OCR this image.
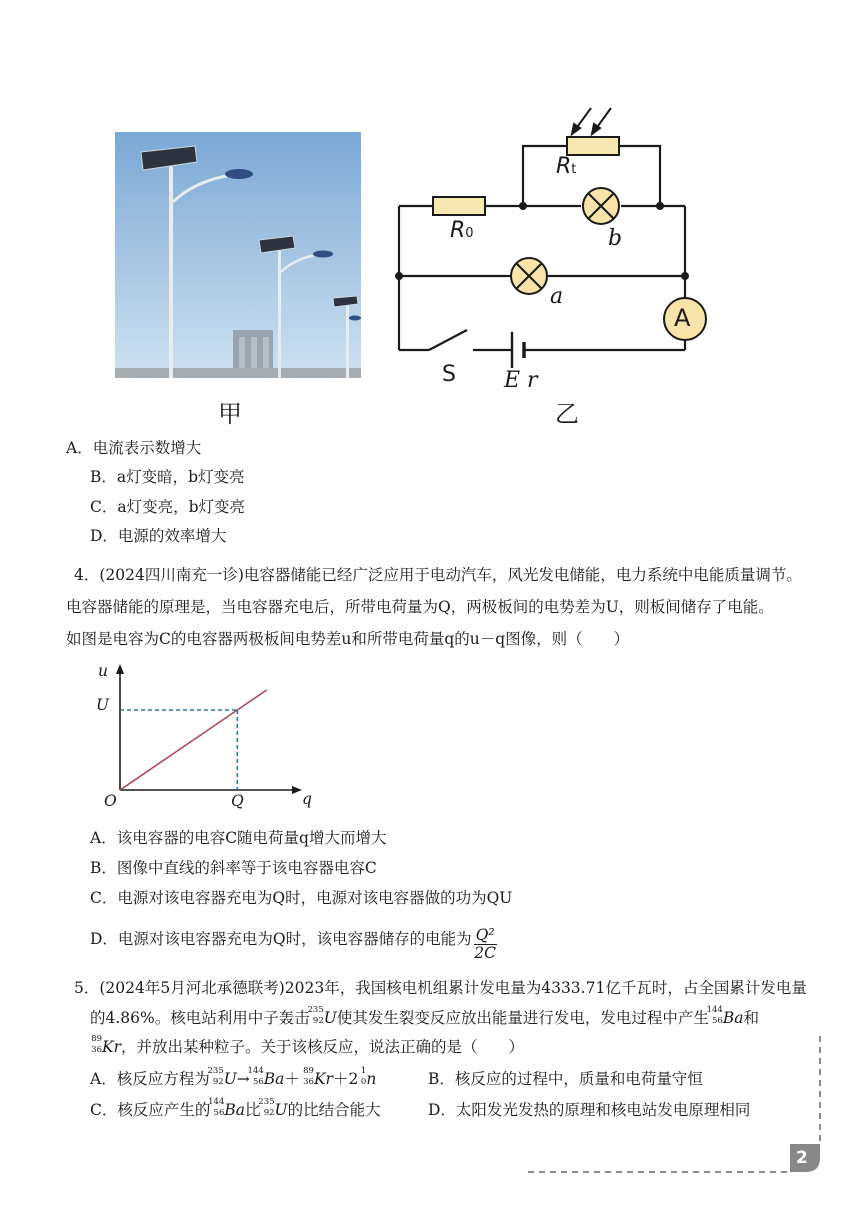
甲
Rt
R0	b
a
A
S E r
乙
A．电流表示数增大
B．a灯变暗，b灯变亮
C．a灯变亮，b灯变亮
D．电源的效率增大
4．(2024四川南充一诊)电容器储能已经广泛应用于电动汽车，风光发电储能，电力系统中电能质量调节。
电容器储能的原理是，当电容器充电后，所带电荷量为Q，两极板间的电势差为U，则板间储存了电能。
如图是电容为C的电容器两极板间电势差u和所带电荷量q的u－q图像，则（　　）
u
U
O	Q	q
A．该电容器的电容C随电荷量q增大而增大
B．图像中直线的斜率等于该电容器电容C
C．电源对该电容器充电为Q时，电源对该电容器做的功为QU
D．电源对该电容器充电为Q时，该电容器储存的电能为 $\frac{\text{Q²}}{2C}$
5．(2024年5月河北承德联考)2023年，我国核电机组累计发电量为4333.71亿千瓦时，占全国累计发电量
的4.86%。核电站利用中子轰击
235
92 U使其发生裂变反应放出能量进行发电，发电过程中产生
144
56 Ba和
89
36 Kr，并放出某种粒子。关于该核反应，说法正确的是（　　）
A．核反应方程为
235
92 U→
144
56 Ba＋ 89
36 Kr＋2 1
0 n	B．核反应的过程中，质量和电荷量守恒
C．核反应产生的
144
56 Ba比
235
92 U的比结合能大	D．太阳发光发热的原理和核电站发电原理相同
2
